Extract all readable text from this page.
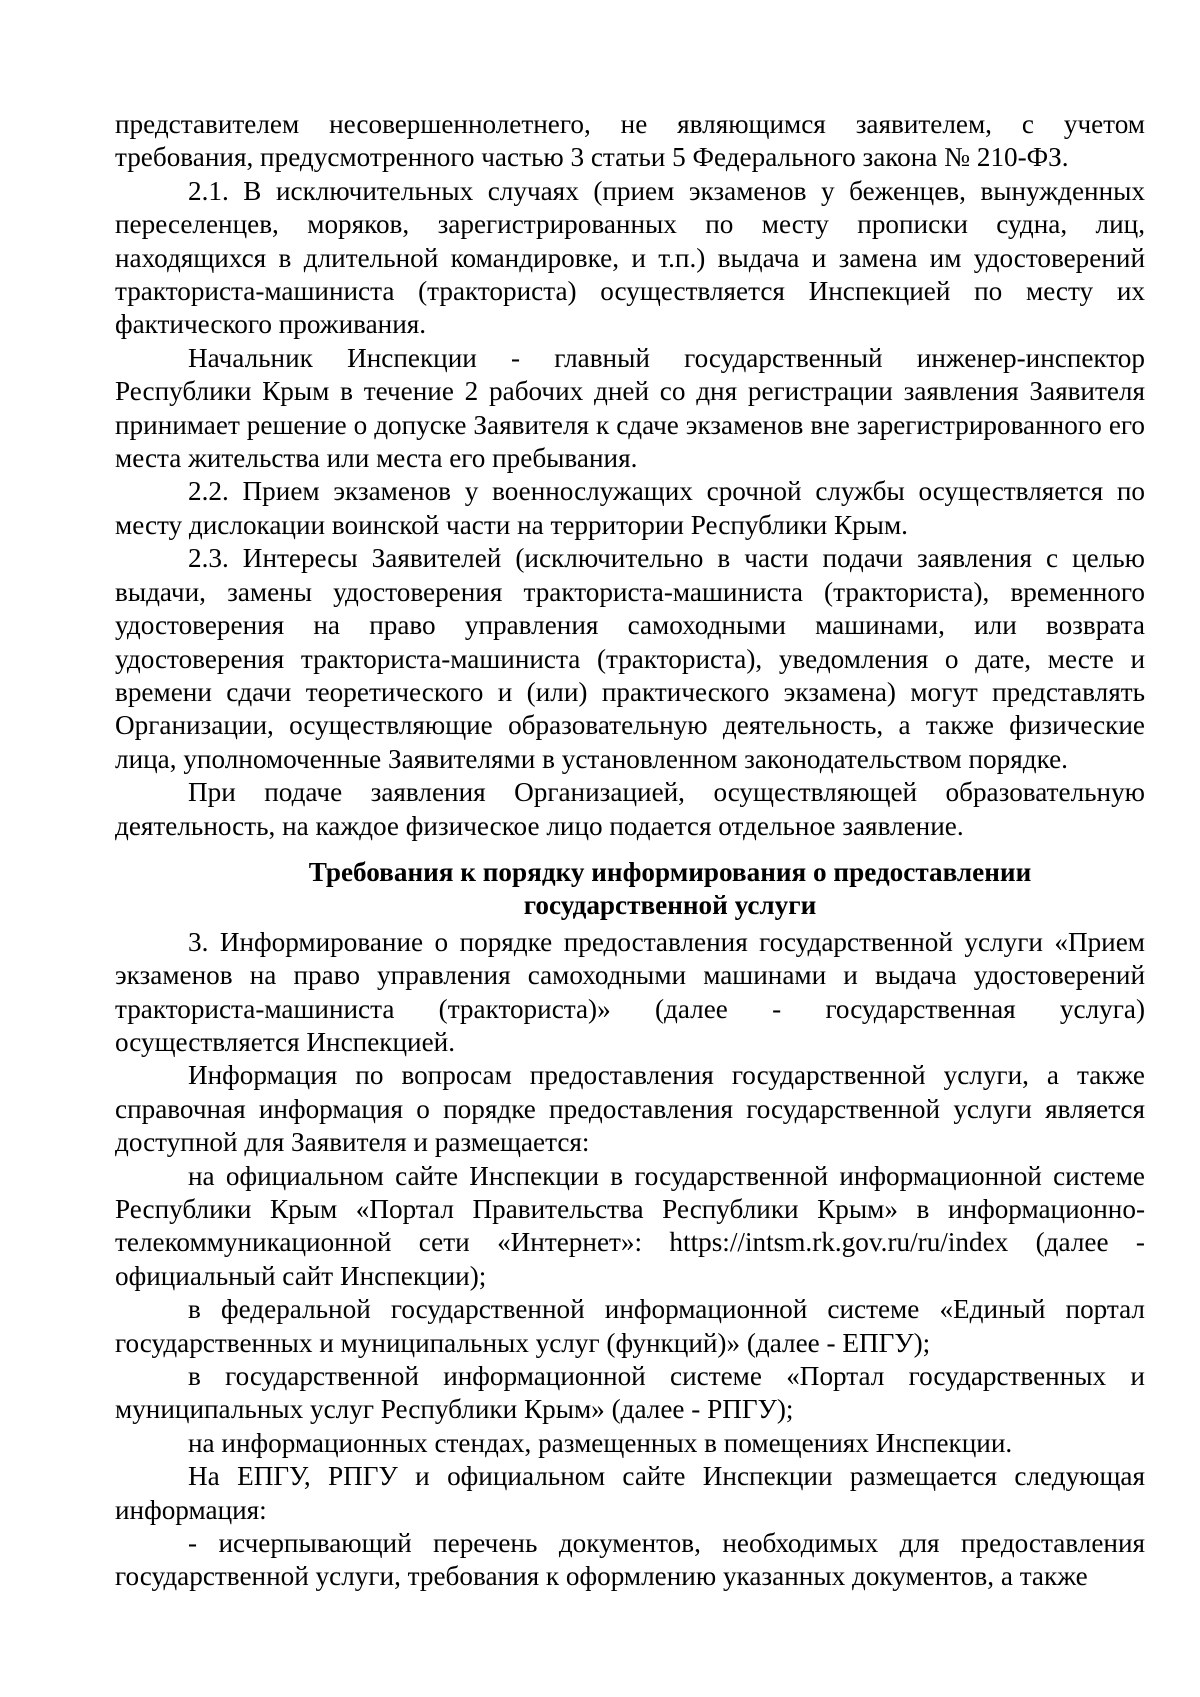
представителем несовершеннолетнего, не являющимся заявителем, с учетом требования, предусмотренного частью 3 статьи 5 Федерального закона № 210-ФЗ.

2.1. В исключительных случаях (прием экзаменов у беженцев, вынужденных переселенцев, моряков, зарегистрированных по месту прописки судна, лиц, находящихся в длительной командировке, и т.п.) выдача и замена им удостоверений тракториста-машиниста (тракториста) осуществляется Инспекцией по месту их фактического проживания.

Начальник Инспекции - главный государственный инженер-инспектор Республики Крым в течение 2 рабочих дней со дня регистрации заявления Заявителя принимает решение о допуске Заявителя к сдаче экзаменов вне зарегистрированного его места жительства или места его пребывания.

2.2. Прием экзаменов у военнослужащих срочной службы осуществляется по месту дислокации воинской части на территории Республики Крым.

2.3. Интересы Заявителей (исключительно в части подачи заявления с целью выдачи, замены удостоверения тракториста-машиниста (тракториста), временного удостоверения на право управления самоходными машинами, или возврата удостоверения тракториста-машиниста (тракториста), уведомления о дате, месте и времени сдачи теоретического и (или) практического экзамена) могут представлять Организации, осуществляющие образовательную деятельность, а также физические лица, уполномоченные Заявителями в установленном законодательством порядке.

При подаче заявления Организацией, осуществляющей образовательную деятельность, на каждое физическое лицо подается отдельное заявление.

Требования к порядку информирования о предоставлении
государственной услуги

3. Информирование о порядке предоставления государственной услуги «Прием экзаменов на право управления самоходными машинами и выдача удостоверений тракториста-машиниста (тракториста)» (далее - государственная услуга) осуществляется Инспекцией.

Информация по вопросам предоставления государственной услуги, а также справочная информация о порядке предоставления государственной услуги является доступной для Заявителя и размещается:

на официальном сайте Инспекции в государственной информационной системе Республики Крым «Портал Правительства Республики Крым» в информационно-телекоммуникационной сети «Интернет»: https://intsm.rk.gov.ru/ru/index (далее - официальный сайт Инспекции);

в федеральной государственной информационной системе «Единый портал государственных и муниципальных услуг (функций)» (далее - ЕПГУ);

в государственной информационной системе «Портал государственных и муниципальных услуг Республики Крым» (далее - РПГУ);

на информационных стендах, размещенных в помещениях Инспекции.

На ЕПГУ, РПГУ и официальном сайте Инспекции размещается следующая информация:

- исчерпывающий перечень документов, необходимых для предоставления государственной услуги, требования к оформлению указанных документов, а также
